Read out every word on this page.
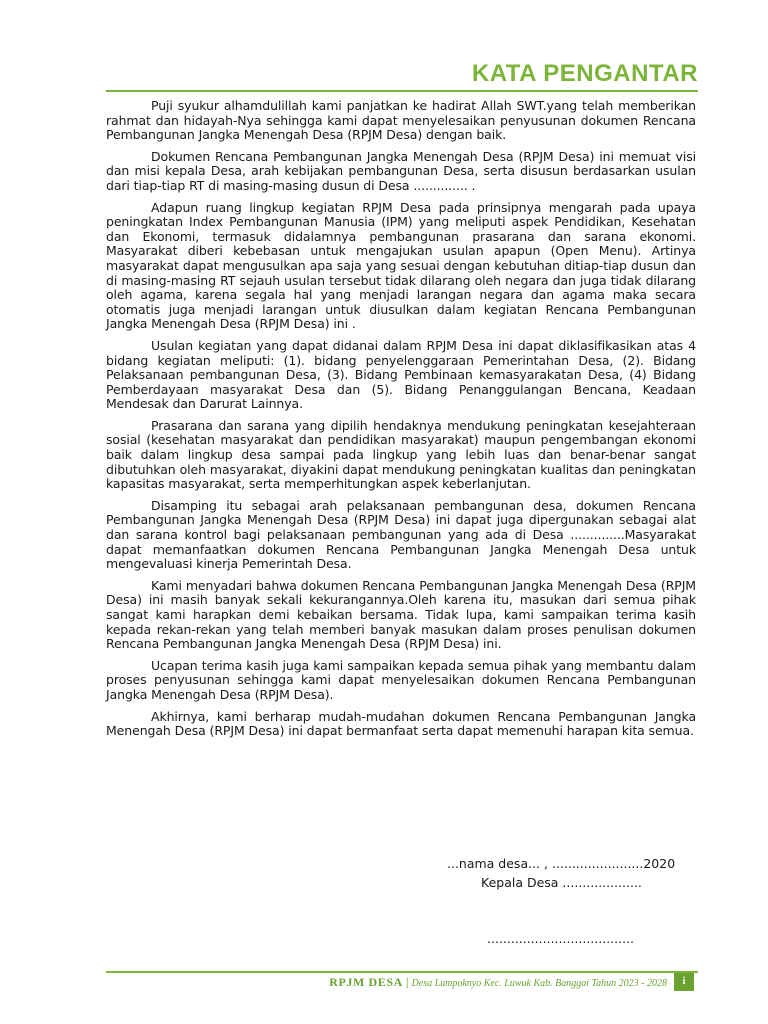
KATA PENGANTAR

Puji syukur alhamdulillah kami panjatkan ke hadirat Allah SWT.yang telah memberikan rahmat dan hidayah-Nya sehingga kami dapat menyelesaikan penyusunan dokumen Rencana Pembangunan Jangka Menengah Desa (RPJM Desa) dengan baik.

Dokumen Rencana Pembangunan Jangka Menengah Desa (RPJM Desa) ini memuat visi dan misi kepala Desa, arah kebijakan pembangunan Desa, serta disusun berdasarkan usulan dari tiap-tiap RT di masing-masing dusun di Desa .............. .

Adapun ruang lingkup kegiatan RPJM Desa pada prinsipnya mengarah pada upaya peningkatan Index Pembangunan Manusia (IPM) yang meliputi aspek Pendidikan, Kesehatan dan Ekonomi, termasuk didalamnya pembangunan prasarana dan sarana ekonomi. Masyarakat diberi kebebasan untuk mengajukan usulan apapun (Open Menu). Artinya masyarakat dapat mengusulkan apa saja yang sesuai dengan kebutuhan ditiap-tiap dusun dan di masing-masing RT sejauh usulan tersebut tidak dilarang oleh negara dan juga tidak dilarang oleh agama, karena segala hal yang menjadi larangan negara dan agama maka secara otomatis juga menjadi larangan untuk diusulkan dalam kegiatan Rencana Pembangunan Jangka Menengah Desa (RPJM Desa) ini .

Usulan kegiatan yang dapat didanai dalam RPJM Desa ini dapat diklasifikasikan atas 4 bidang kegiatan meliputi: (1). bidang penyelenggaraan Pemerintahan Desa, (2). Bidang Pelaksanaan pembangunan Desa, (3). Bidang Pembinaan kemasyarakatan Desa, (4) Bidang Pemberdayaan masyarakat Desa dan (5). Bidang Penanggulangan Bencana, Keadaan Mendesak dan Darurat Lainnya.

Prasarana dan sarana yang dipilih hendaknya mendukung peningkatan kesejahteraan sosial (kesehatan masyarakat dan pendidikan masyarakat) maupun pengembangan ekonomi baik dalam lingkup desa sampai pada lingkup yang lebih luas dan benar-benar sangat dibutuhkan oleh masyarakat, diyakini dapat mendukung peningkatan kualitas dan peningkatan kapasitas masyarakat, serta memperhitungkan aspek keberlanjutan.

Disamping itu sebagai arah pelaksanaan pembangunan desa, dokumen Rencana Pembangunan Jangka Menengah Desa (RPJM Desa) ini dapat juga dipergunakan sebagai alat dan sarana kontrol bagi pelaksanaan pembangunan yang ada di Desa ..............Masyarakat dapat memanfaatkan dokumen Rencana Pembangunan Jangka Menengah Desa untuk mengevaluasi kinerja Pemerintah Desa.

Kami menyadari bahwa dokumen Rencana Pembangunan Jangka Menengah Desa (RPJM Desa) ini masih banyak sekali kekurangannya.Oleh karena itu, masukan dari semua pihak sangat kami harapkan demi kebaikan bersama. Tidak lupa, kami sampaikan terima kasih kepada rekan-rekan yang telah memberi banyak masukan dalam proses penulisan dokumen Rencana Pembangunan Jangka Menengah Desa (RPJM Desa) ini.

Ucapan terima kasih juga kami sampaikan kepada semua pihak yang membantu dalam proses penyusunan sehingga kami dapat menyelesaikan dokumen Rencana Pembangunan Jangka Menengah Desa (RPJM Desa).

Akhirnya, kami berharap mudah-mudahan dokumen Rencana Pembangunan Jangka Menengah Desa (RPJM Desa) ini dapat bermanfaat serta dapat memenuhi harapan kita semua.

...nama desa... , .......................2020
Kepala Desa ....................
.....................................
RPJM DESA | Desa Lumpoknyo Kec. Luwuk Kab. Banggai Tahun 2023 - 2028	i
